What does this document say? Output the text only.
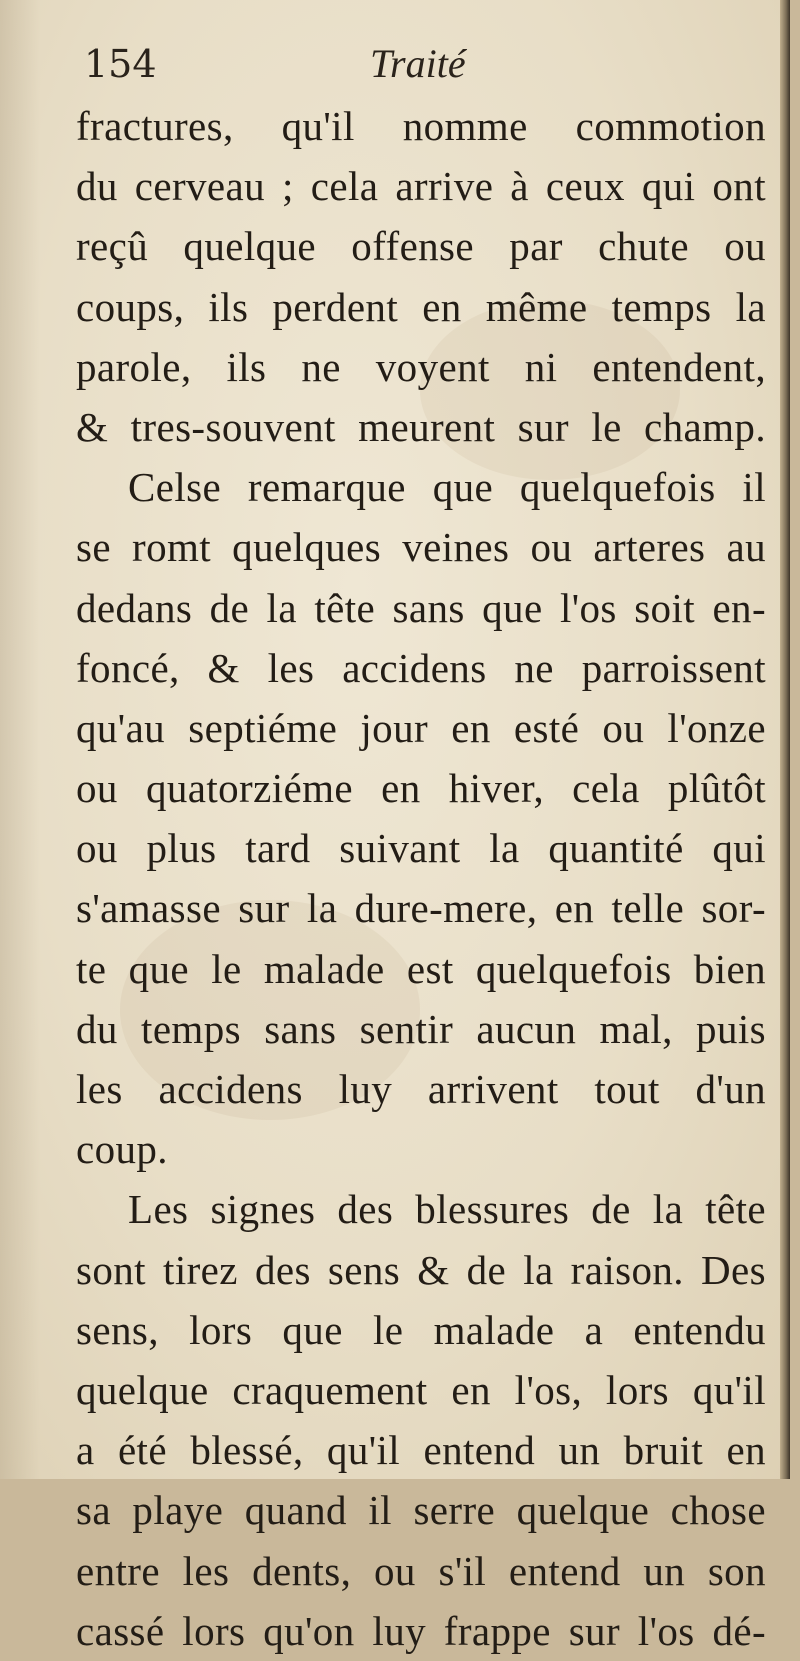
154	Traité
fractures, qu'il nomme commotion
du cerveau ; cela arrive à ceux qui ont
reçû quelque offense par chute ou
coups, ils perdent en même temps la
parole, ils ne voyent ni entendent,
& tres-souvent meurent sur le champ.
Celse remarque que quelquefois il
se romt quelques veines ou arteres au
dedans de la tête sans que l'os soit en-
foncé, & les accidens ne parroissent
qu'au septiéme jour en esté ou l'onze
ou quatorziéme en hiver, cela plûtôt
ou plus tard suivant la quantité qui
s'amasse sur la dure-mere, en telle sor-
te que le malade est quelquefois bien
du temps sans sentir aucun mal, puis
les accidens luy arrivent tout d'un
coup.
Les signes des blessures de la tête
sont tirez des sens & de la raison. Des
sens, lors que le malade a entendu
quelque craquement en l'os, lors qu'il
a été blessé, qu'il entend un bruit en
sa playe quand il serre quelque chose
entre les dents, ou s'il entend un son
cassé lors qu'on luy frappe sur l'os dé-
